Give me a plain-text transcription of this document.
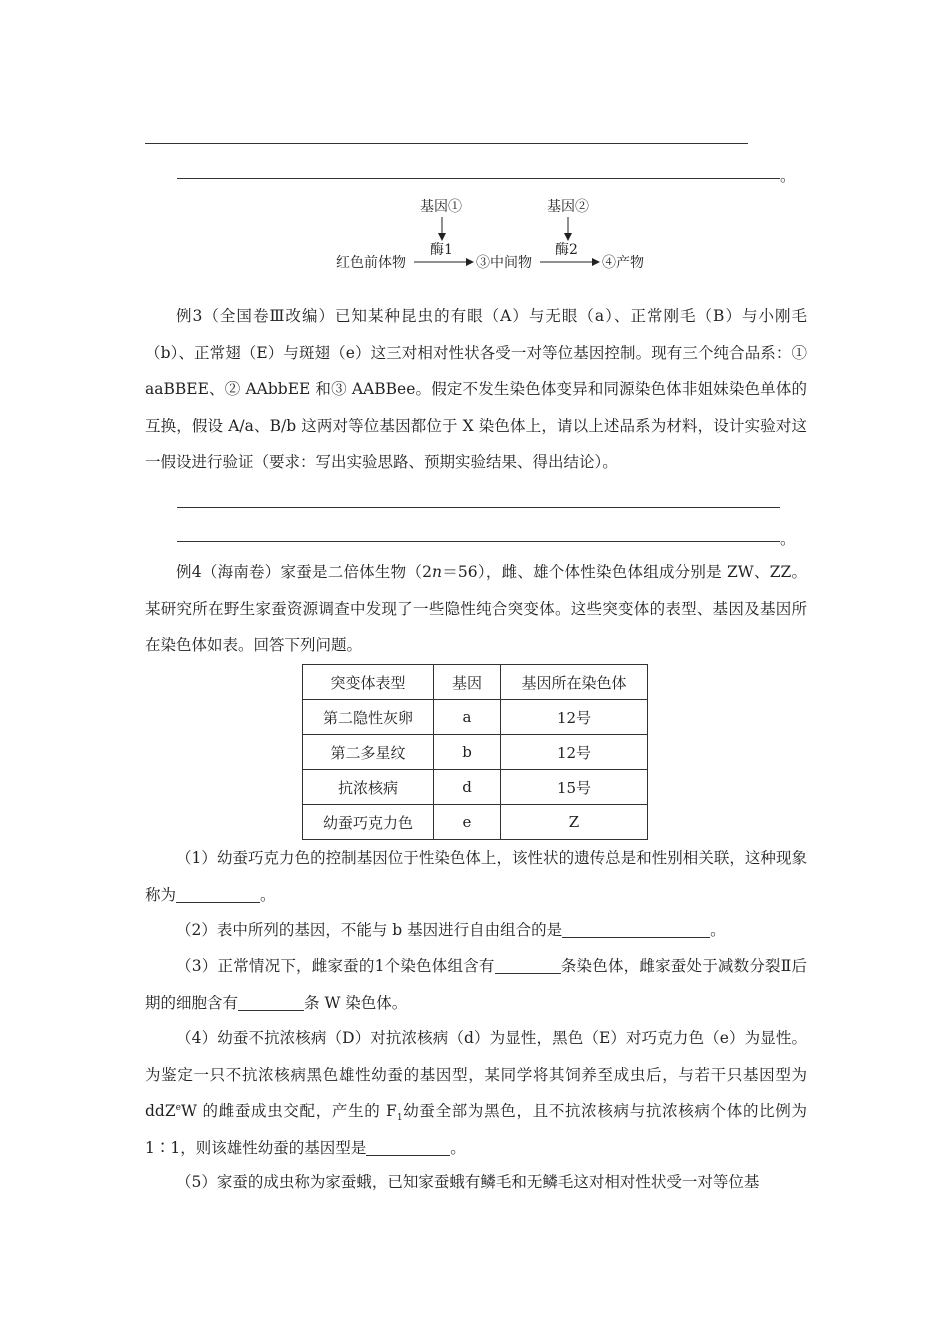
。
基因①	基因②
酶1	酶2
红色前体物	③中间物	④产物
例3（全国卷Ⅲ改编）已知某种昆虫的有眼（A）与无眼（a）、正常刚毛（B）与小刚毛（b）、正常翅（E）与斑翅（e）这三对相对性状各受一对等位基因控制。现有三个纯合品系：① aaBBEE、② AAbbEE 和③ AABBee。假定不发生染色体变异和同源染色体非姐妹染色单体的互换，假设 A/a、B/b 这两对等位基因都位于 X 染色体上，请以上述品系为材料，设计实验对这一假设进行验证（要求：写出实验思路、预期实验结果、得出结论）。
。
例4（海南卷）家蚕是二倍体生物（2n＝56），雌、雄个体性染色体组成分别是 ZW、ZZ。某研究所在野生家蚕资源调查中发现了一些隐性纯合突变体。这些突变体的表型、基因及基因所在染色体如表。回答下列问题。
突变体表型	基因	基因所在染色体
第二隐性灰卵	a	12号
第二多星纹	b	12号
抗浓核病	d	15号
幼蚕巧克力色	e	Z
（1）幼蚕巧克力色的控制基因位于性染色体上，该性状的遗传总是和性别相关联，这种现象称为	。
（2）表中所列的基因，不能与 b 基因进行自由组合的是	。
（3）正常情况下，雌家蚕的1个染色体组含有	条染色体，雌家蚕处于减数分裂Ⅱ后期的细胞含有	条 W 染色体。
（4）幼蚕不抗浓核病（D）对抗浓核病（d）为显性，黑色（E）对巧克力色（e）为显性。为鉴定一只不抗浓核病黑色雄性幼蚕的基因型，某同学将其饲养至成虫后，与若干只基因型为 ddZ$^e$W 的雌蚕成虫交配，产生的 $F_1$幼蚕全部为黑色，且不抗浓核病与抗浓核病个体的比例为 1∶1，则该雄性幼蚕的基因型是	。
（5）家蚕的成虫称为家蚕蛾，已知家蚕蛾有鳞毛和无鳞毛这对相对性状受一对等位基
